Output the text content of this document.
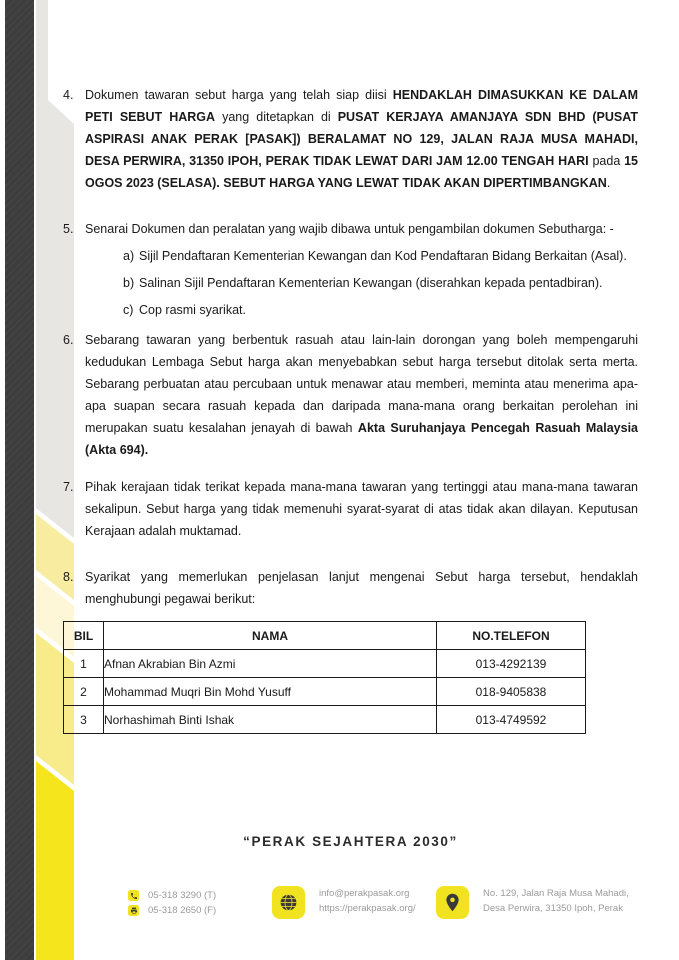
4. Dokumen tawaran sebut harga yang telah siap diisi HENDAKLAH DIMASUKKAN KE DALAM PETI SEBUT HARGA yang ditetapkan di PUSAT KERJAYA AMANJAYA SDN BHD (PUSAT ASPIRASI ANAK PERAK [PASAK]) BERALAMAT NO 129, JALAN RAJA MUSA MAHADI, DESA PERWIRA, 31350 IPOH, PERAK TIDAK LEWAT DARI JAM 12.00 TENGAH HARI pada 15 OGOS 2023 (SELASA). SEBUT HARGA YANG LEWAT TIDAK AKAN DIPERTIMBANGKAN.
5. Senarai Dokumen dan peralatan yang wajib dibawa untuk pengambilan dokumen Sebutharga: -
a) Sijil Pendaftaran Kementerian Kewangan dan Kod Pendaftaran Bidang Berkaitan (Asal).
b) Salinan Sijil Pendaftaran Kementerian Kewangan (diserahkan kepada pentadbiran).
c) Cop rasmi syarikat.
6. Sebarang tawaran yang berbentuk rasuah atau lain-lain dorongan yang boleh mempengaruhi kedudukan Lembaga Sebut harga akan menyebabkan sebut harga tersebut ditolak serta merta. Sebarang perbuatan atau percubaan untuk menawar atau memberi, meminta atau menerima apa-apa suapan secara rasuah kepada dan daripada mana-mana orang berkaitan perolehan ini merupakan suatu kesalahan jenayah di bawah Akta Suruhanjaya Pencegah Rasuah Malaysia (Akta 694).
7. Pihak kerajaan tidak terikat kepada mana-mana tawaran yang tertinggi atau mana-mana tawaran sekalipun. Sebut harga yang tidak memenuhi syarat-syarat di atas tidak akan dilayan. Keputusan Kerajaan adalah muktamad.
8. Syarikat yang memerlukan penjelasan lanjut mengenai Sebut harga tersebut, hendaklah menghubungi pegawai berikut:
BIL	NAMA	NO.TELEFON
1	Afnan Akrabian Bin Azmi	013-4292139
2	Mohammad Muqri Bin Mohd Yusuff	018-9405838
3	Norhashimah Binti Ishak	013-4749592
“PERAK SEJAHTERA 2030”
05-318 3290 (T)
05-318 2650 (F)
info@perakpasak.org
https://perakpasak.org/
No. 129, Jalan Raja Musa Mahadi,
Desa Perwira, 31350 Ipoh, Perak
